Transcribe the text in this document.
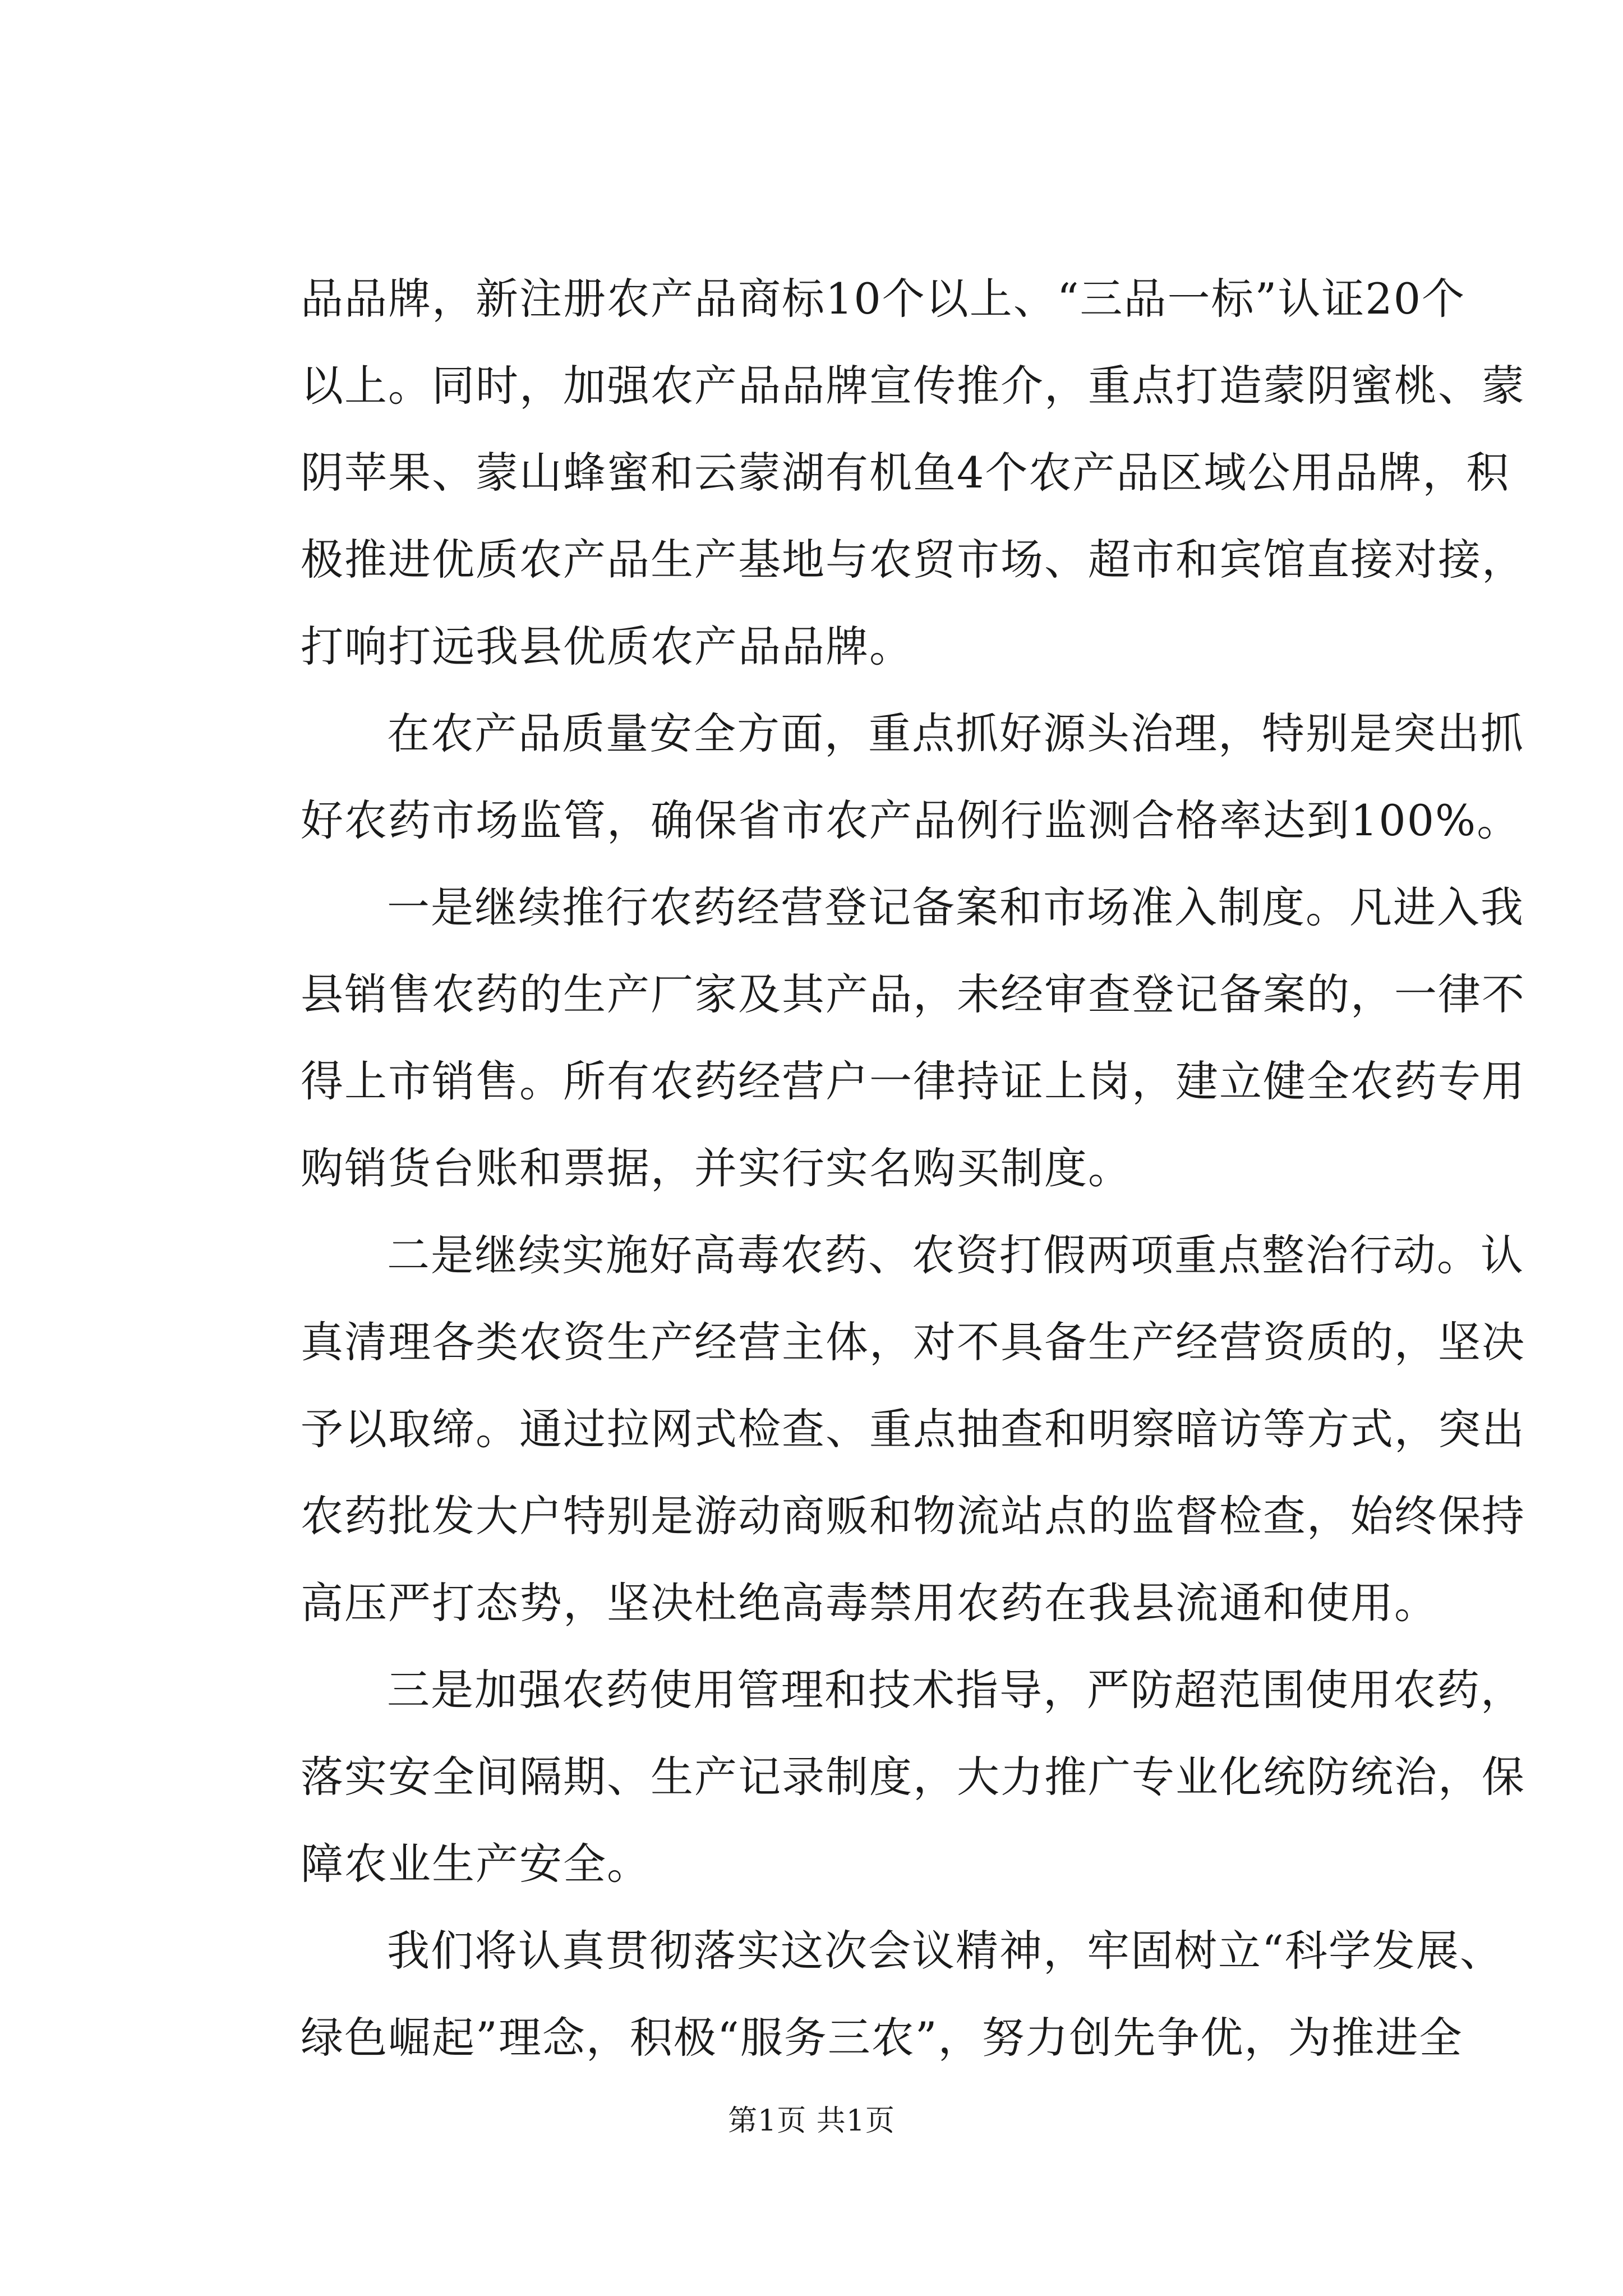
品品牌，新注册农产品商标10个以上、“三品一标”认证20个
以上。同时，加强农产品品牌宣传推介，重点打造蒙阴蜜桃、蒙
阴苹果、蒙山蜂蜜和云蒙湖有机鱼4个农产品区域公用品牌，积
极推进优质农产品生产基地与农贸市场、超市和宾馆直接对接，
打响打远我县优质农产品品牌。
在农产品质量安全方面，重点抓好源头治理，特别是突出抓
好农药市场监管，确保省市农产品例行监测合格率达到100%。
一是继续推行农药经营登记备案和市场准入制度。凡进入我
县销售农药的生产厂家及其产品，未经审查登记备案的，一律不
得上市销售。所有农药经营户一律持证上岗，建立健全农药专用
购销货台账和票据，并实行实名购买制度。
二是继续实施好高毒农药、农资打假两项重点整治行动。认
真清理各类农资生产经营主体，对不具备生产经营资质的，坚决
予以取缔。通过拉网式检查、重点抽查和明察暗访等方式，突出
农药批发大户特别是游动商贩和物流站点的监督检查，始终保持
高压严打态势，坚决杜绝高毒禁用农药在我县流通和使用。
三是加强农药使用管理和技术指导，严防超范围使用农药，
落实安全间隔期、生产记录制度，大力推广专业化统防统治，保
障农业生产安全。
我们将认真贯彻落实这次会议精神，牢固树立“科学发展、
绿色崛起”理念，积极“服务三农”，努力创先争优，为推进全
第1页 共1页
